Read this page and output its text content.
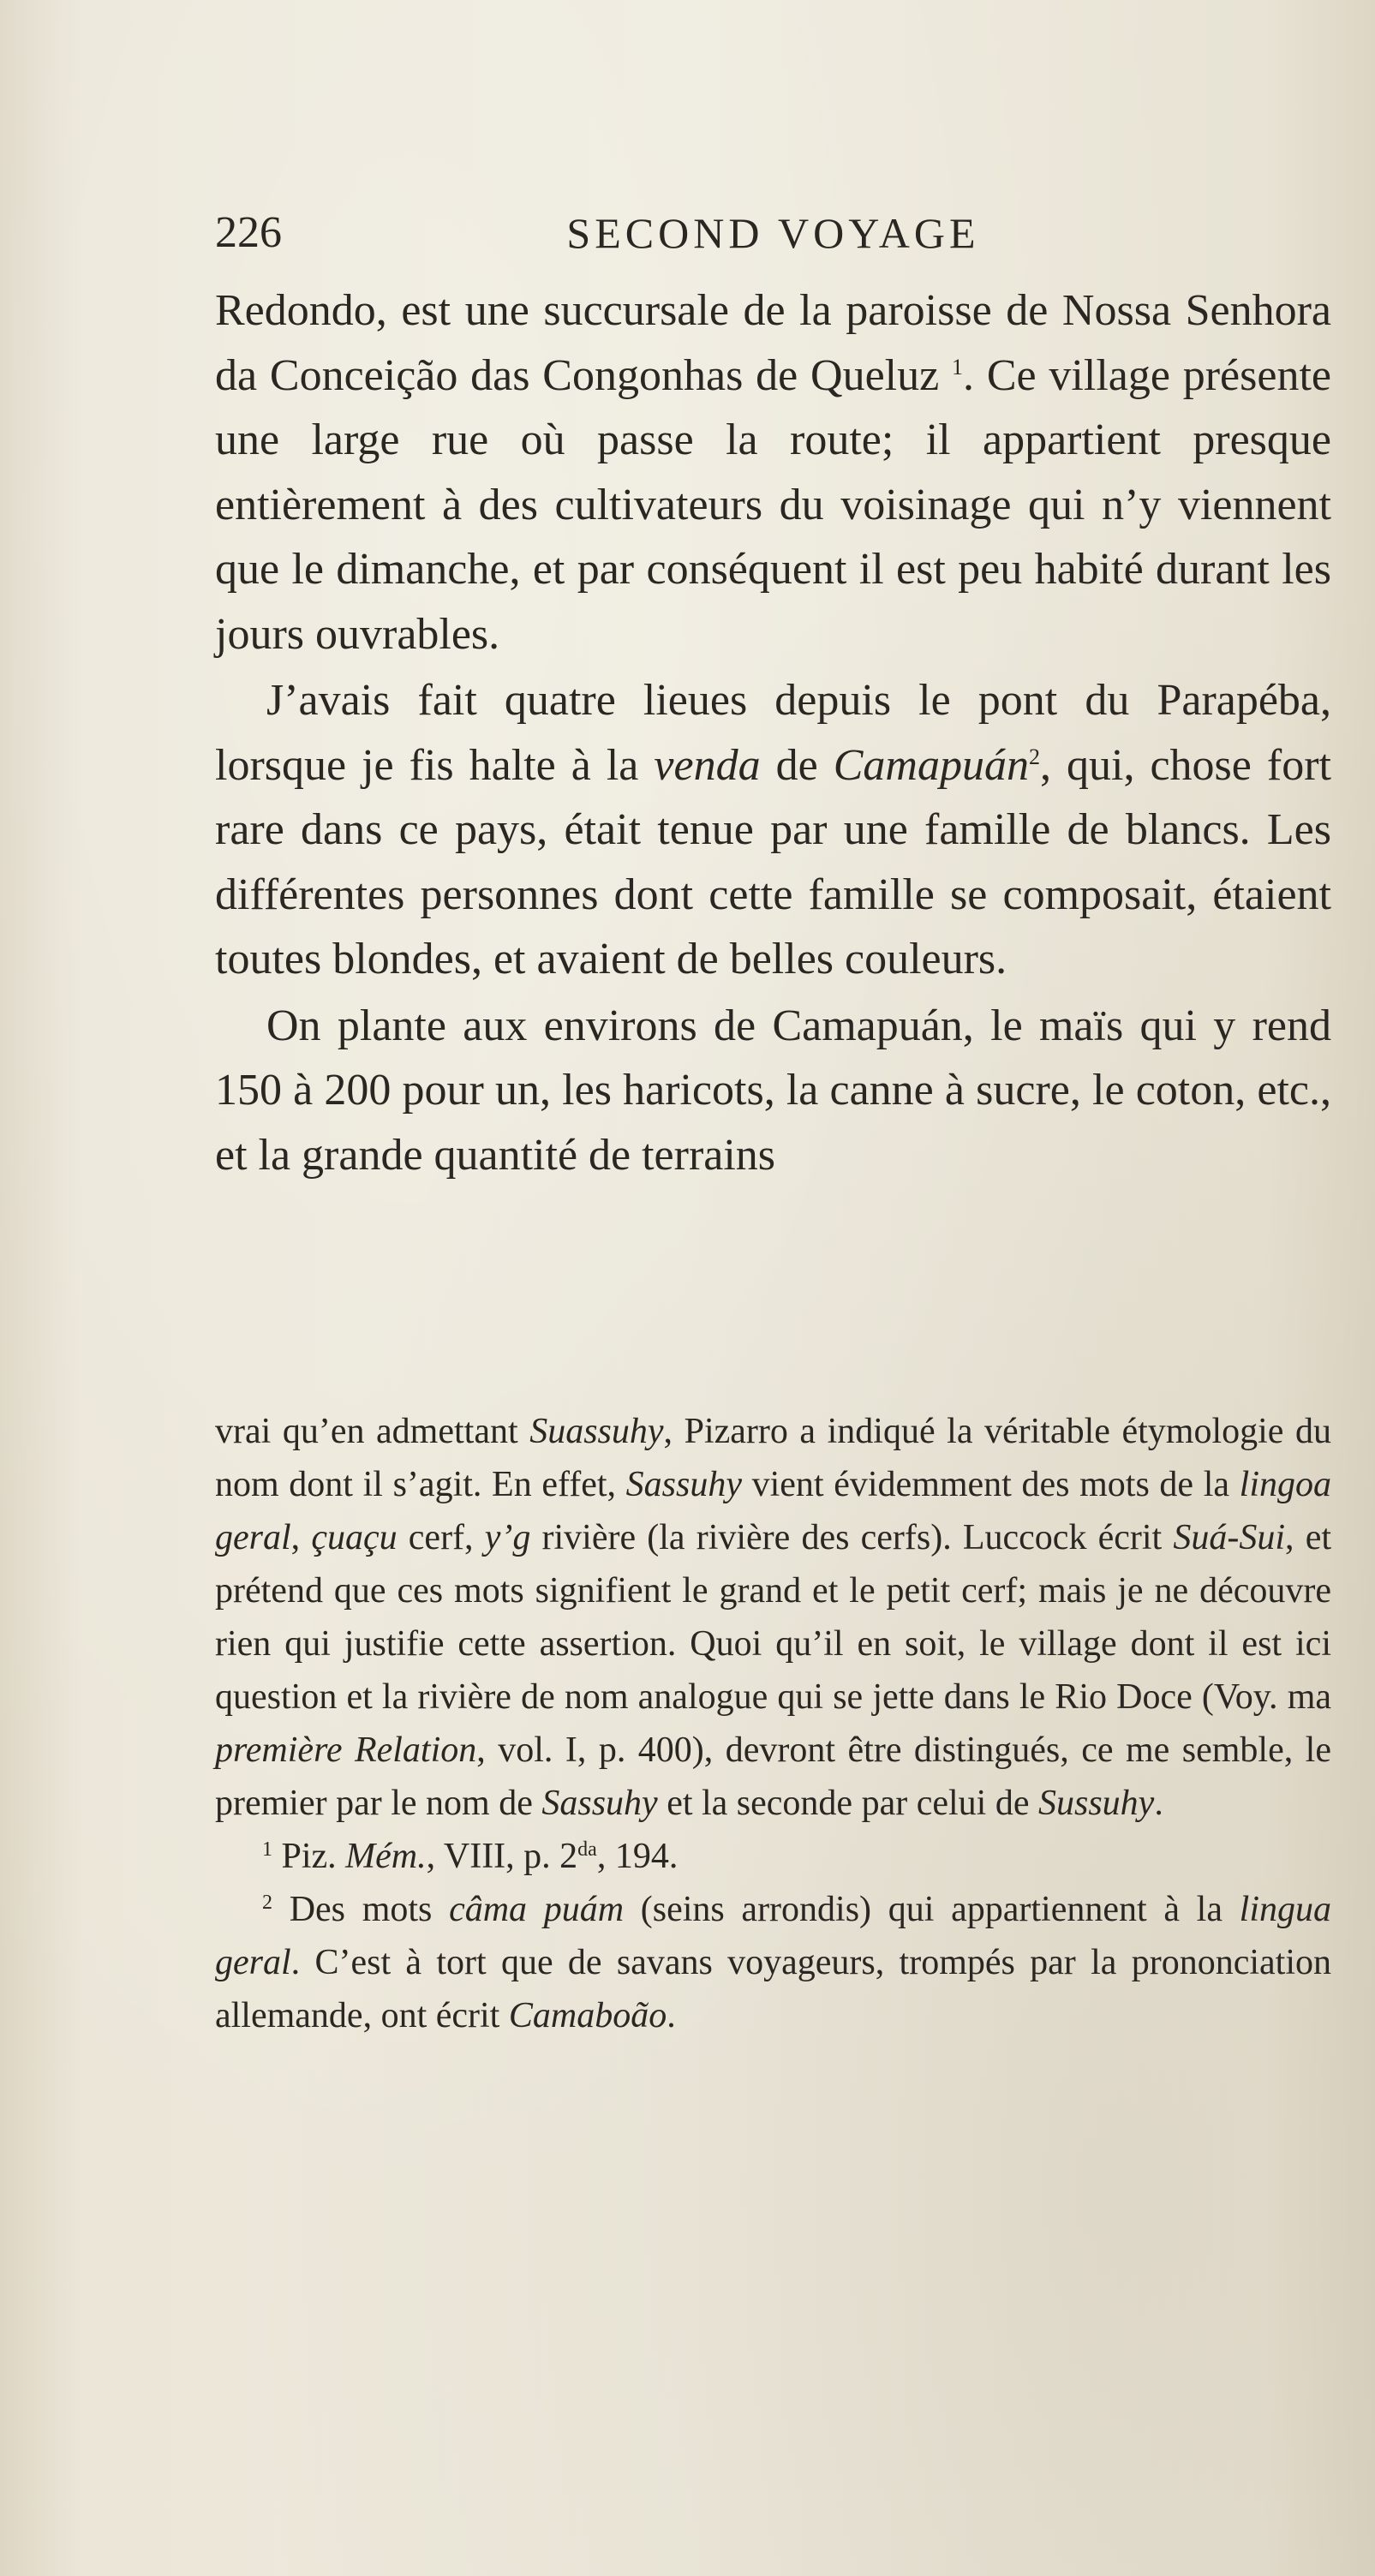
226	SECOND VOYAGE

Redondo, est une succursale de la paroisse de Nossa Senhora da Conceição das Congonhas de Queluz $^1$. Ce village présente une large rue où passe la route; il appartient presque entièrement à des cultivateurs du voisinage qui n’y viennent que le dimanche, et par conséquent il est peu habité durant les jours ouvrables.

J’avais fait quatre lieues depuis le pont du Parapéba, lorsque je fis halte à la venda de Camapuán$^2$, qui, chose fort rare dans ce pays, était tenue par une famille de blancs. Les différentes personnes dont cette famille se composait, étaient toutes blondes, et avaient de belles couleurs.

On plante aux environs de Camapuán, le maïs qui y rend 150 à 200 pour un, les haricots, la canne à sucre, le coton, etc., et la grande quantité de terrains

vrai qu’en admettant Suassuhy, Pizarro a indiqué la véritable étymologie du nom dont il s’agit. En effet, Sassuhy vient évidemment des mots de la lingoa geral, çuaçu cerf, y’g rivière (la rivière des cerfs). Luccock écrit Suá-Sui, et prétend que ces mots signifient le grand et le petit cerf; mais je ne découvre rien qui justifie cette assertion. Quoi qu’il en soit, le village dont il est ici question et la rivière de nom analogue qui se jette dans le Rio Doce (Voy. ma première Relation, vol. I, p. 400), devront être distingués, ce me semble, le premier par le nom de Sassuhy et la seconde par celui de Sussuhy.

$^1$ Piz. Mém., VIII, p. $2^{da}$, 194.

$^2$ Des mots câma puám (seins arrondis) qui appartiennent à la lingua geral. C’est à tort que de savans voyageurs, trompés par la prononciation allemande, ont écrit Camaboão.
